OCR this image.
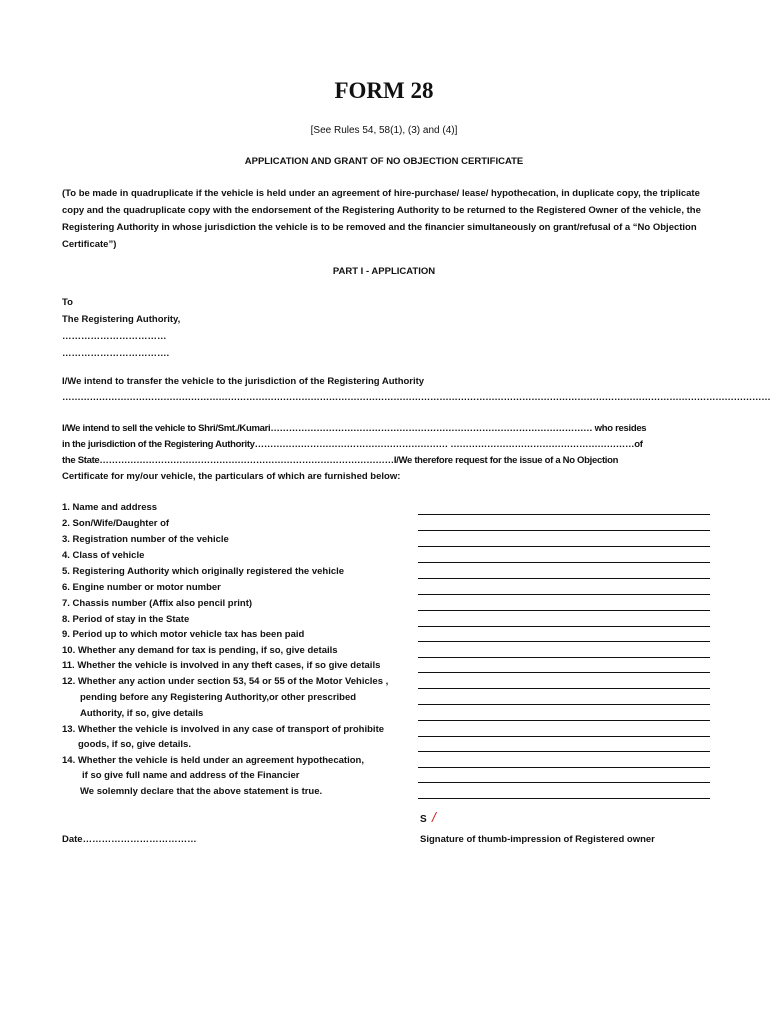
FORM 28
[See Rules 54, 58(1), (3) and (4)]
APPLICATION AND GRANT OF NO OBJECTION CERTIFICATE
(To be made in quadruplicate if the vehicle is held under an agreement of hire-purchase/ lease/ hypothecation, in duplicate copy, the triplicate copy and the quadruplicate copy with the endorsement of the Registering Authority to be returned to the Registered Owner of the vehicle, the Registering Authority in whose jurisdiction the vehicle is to be removed and the financier simultaneously on grant/refusal of a “No Objection Certificate”)
PART I - APPLICATION
To
The Registering Authority,
……………………………
…………………………….
I/We intend to transfer the vehicle to the jurisdiction of the Registering Authority
……………………………………………………………………………………………………………………………………………………………………………………………………………
I/We intend to sell the vehicle to Shri/Smt./Kumari…………………………………………………………………………………………… who resides
in the jurisdiction of the Registering Authority……………………………………………………… ……………………………………………………of
the State……………………………………………………………………………………I/We therefore request for the issue of a No Objection
Certificate for my/our vehicle, the particulars of which are furnished below:
1. Name and address
2. Son/Wife/Daughter of
3. Registration number of the vehicle
4. Class of vehicle
5. Registering Authority which originally registered the vehicle
6. Engine number or motor number
7. Chassis number (Affix also pencil print)
8. Period of stay in the State
9. Period up to which motor vehicle tax has been paid
10. Whether any demand for tax is pending, if so, give details
11. Whether the vehicle is involved in any theft cases, if so give details
12. Whether any action under section 53, 54 or 55 of the Motor Vehicles ,
pending before any Registering Authority,or other prescribed
Authority, if so, give details
13. Whether the vehicle is involved in any case of transport of prohibite
goods, if so, give details.
14. Whether the vehicle is held under an agreement hypothecation,
if so give full name and address of the Financier
We solemnly declare that the above statement is true.
S /
Date………………………………	Signature of thumb-impression of Registered owner
